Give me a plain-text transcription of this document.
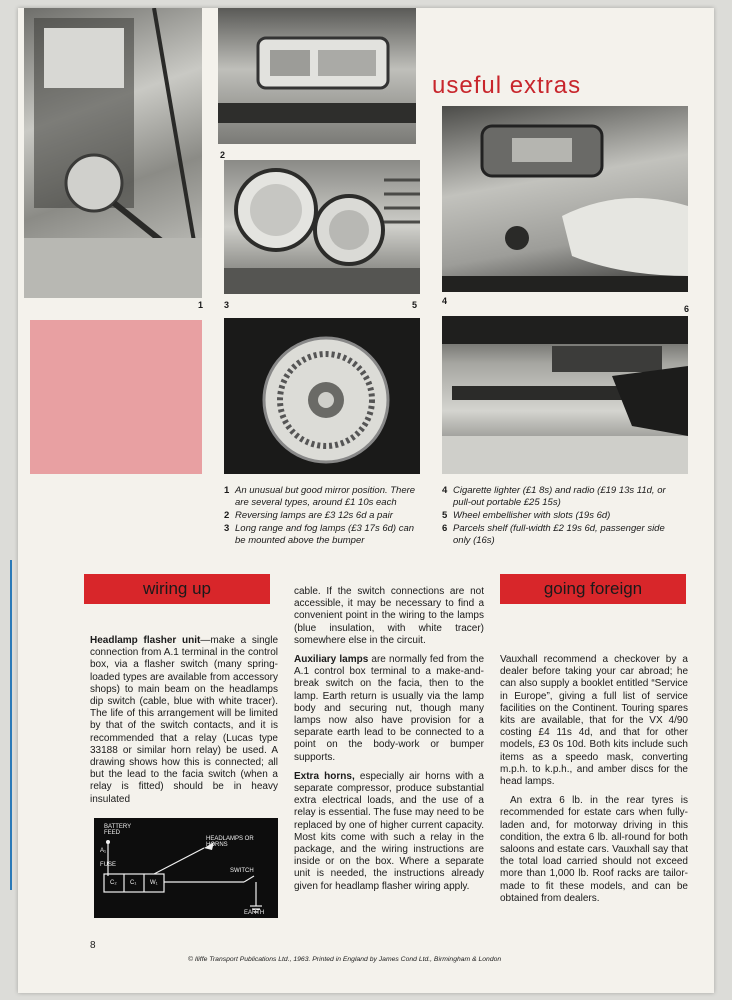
1
2
useful extras
3	5	4
6
1 An unusual but good mirror position. There are several types, around £1 10s each
2 Reversing lamps are £3 12s 6d a pair
3 Long range and fog lamps (£3 17s 6d) can be mounted above the bumper
4 Cigarette lighter (£1 8s) and radio (£19 13s 11d, or pull-out portable £25 15s)
5 Wheel embellisher with slots (19s 6d)
6 Parcels shelf (full-width £2 19s 6d, passenger side only (16s)
wiring up	going foreign

Headlamp flasher unit—make a single connection from A.1 terminal in the control box, via a flasher switch (many spring-loaded types are available from accessory shops) to main beam on the headlamps dip switch (cable, blue with white tracer). The life of this arrangement will be limited by that of the switch contacts, and it is recommended that a relay (Lucas type 33188 or similar horn relay) be used. A drawing shows how this is connected; all but the lead to the facia switch (when a relay is fitted) should be in heavy insulated

BATTERY FEED
A₁
FUSE
HEADLAMPS OR HORNS
SWITCH
EARTH
C₂ C₁ W₁

cable. If the switch connections are not accessible, it may be necessary to find a convenient point in the wiring to the lamps (blue insulation, with white tracer) somewhere else in the circuit.

Auxiliary lamps are normally fed from the A.1 control box terminal to a make-and-break switch on the facia, then to the lamp. Earth return is usually via the lamp body and securing nut, though many lamps now also have provision for a separate earth lead to be connected to a point on the body-work or bumper supports.

Extra horns, especially air horns with a separate compressor, produce substantial extra electrical loads, and the use of a relay is essential. The fuse may need to be replaced by one of higher current capacity. Most kits come with such a relay in the package, and the wiring instructions are inside or on the box. Where a separate unit is needed, the instructions already given for headlamp flasher wiring apply.

Vauxhall recommend a checkover by a dealer before taking your car abroad; he can also supply a booklet entitled “Service in Europe”, giving a full list of service facilities on the Continent. Touring spares kits are available, that for the VX 4/90 costing £4 11s 4d, and that for other models, £3 0s 10d. Both kits include such items as a speedo mask, converting m.p.h. to k.p.h., and amber discs for the head lamps.

An extra 6 lb. in the rear tyres is recommended for estate cars when fully-laden and, for motorway driving in this condition, the extra 6 lb. all-round for both saloons and estate cars. Vauxhall say that the total load carried should not exceed more than 1,000 lb. Roof racks are tailor-made to fit these models, and can be obtained from dealers.

8
© Iliffe Transport Publications Ltd., 1963. Printed in England by James Cond Ltd., Birmingham & London
